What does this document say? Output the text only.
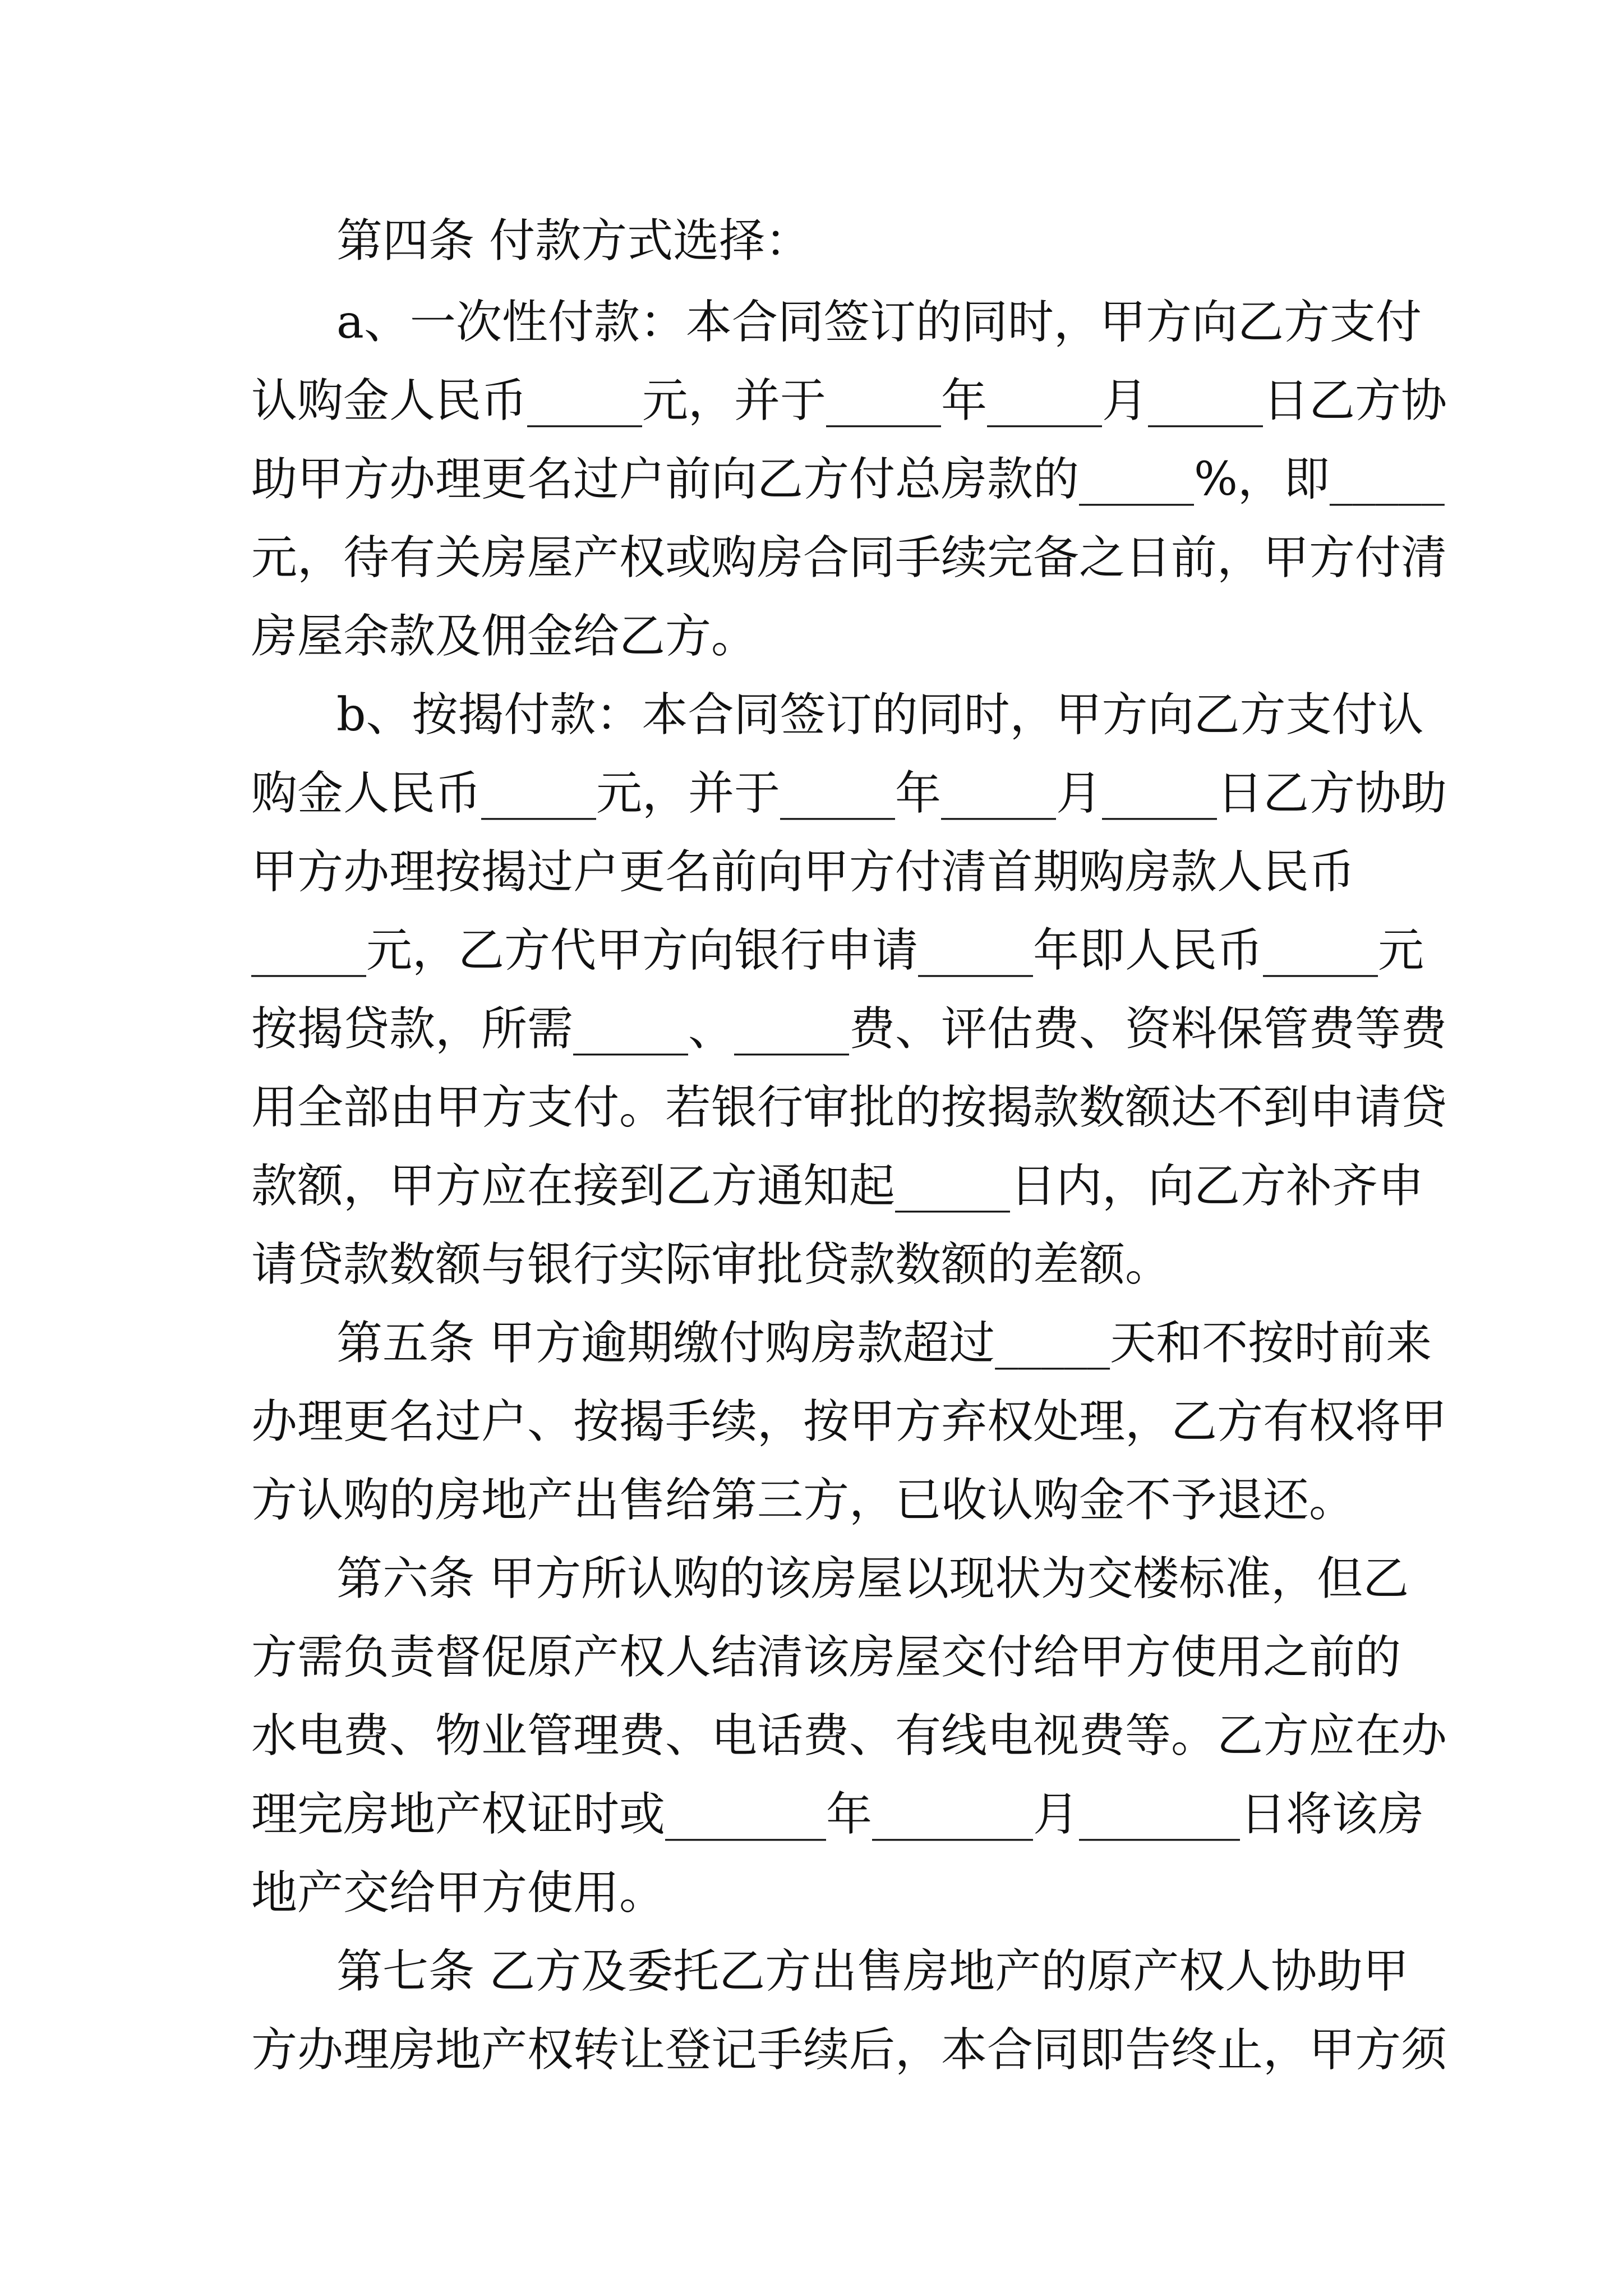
第四条 付款方式选择：
a、一次性付款：本合同签订的同时，甲方向乙方支付
认购金人民币_____元，并于_____年_____月_____日乙方协
助甲方办理更名过户前向乙方付总房款的_____%，即_____
元，待有关房屋产权或购房合同手续完备之日前，甲方付清
房屋余款及佣金给乙方。
b、按揭付款：本合同签订的同时，甲方向乙方支付认
购金人民币_____元，并于_____年_____月_____日乙方协助
甲方办理按揭过户更名前向甲方付清首期购房款人民币
_____元，乙方代甲方向银行申请_____年即人民币_____元
按揭贷款，所需_____、_____费、评估费、资料保管费等费
用全部由甲方支付。若银行审批的按揭款数额达不到申请贷
款额，甲方应在接到乙方通知起_____日内，向乙方补齐申
请贷款数额与银行实际审批贷款数额的差额。
第五条 甲方逾期缴付购房款超过_____天和不按时前来
办理更名过户、按揭手续，按甲方弃权处理，乙方有权将甲
方认购的房地产出售给第三方，已收认购金不予退还。
第六条 甲方所认购的该房屋以现状为交楼标准，但乙
方需负责督促原产权人结清该房屋交付给甲方使用之前的
水电费、物业管理费、电话费、有线电视费等。乙方应在办
理完房地产权证时或_______年_______月_______日将该房
地产交给甲方使用。
第七条 乙方及委托乙方出售房地产的原产权人协助甲
方办理房地产权转让登记手续后，本合同即告终止，甲方须
